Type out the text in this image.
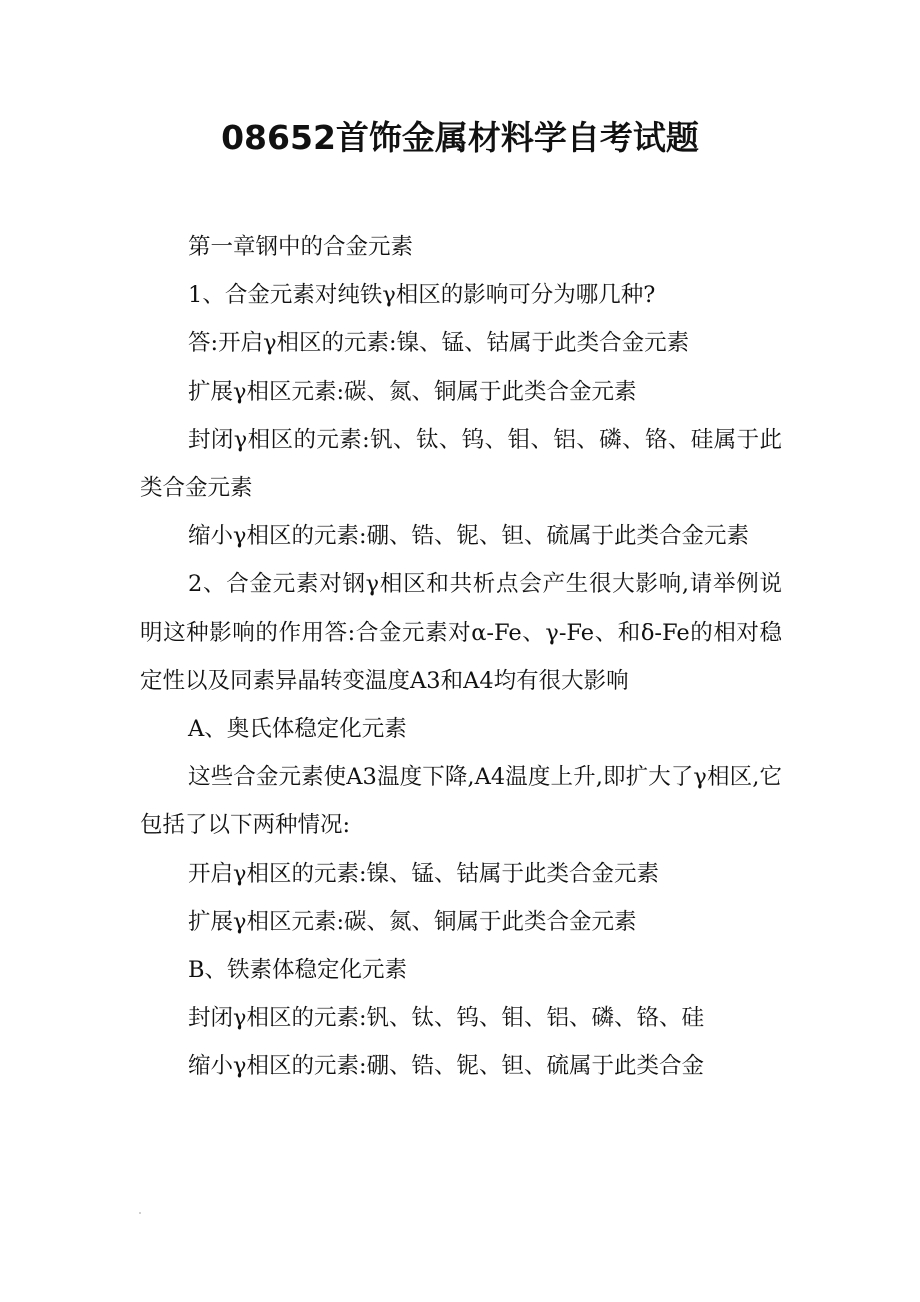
08652首饰金属材料学自考试题

第一章钢中的合金元素

1、合金元素对纯铁γ相区的影响可分为哪几种?

答:开启γ相区的元素:镍、锰、钴属于此类合金元素

扩展γ相区元素:碳、氮、铜属于此类合金元素

封闭γ相区的元素:钒、钛、钨、钼、铝、磷、铬、硅属于此类合金元素

缩小γ相区的元素:硼、锆、铌、钽、硫属于此类合金元素

2、合金元素对钢γ相区和共析点会产生很大影响,请举例说明这种影响的作用答:合金元素对α-Fe、γ-Fe、和δ-Fe的相对稳定性以及同素异晶转变温度A3和A4均有很大影响

A、奥氏体稳定化元素

这些合金元素使A3温度下降,A4温度上升,即扩大了γ相区,它包括了以下两种情况:

开启γ相区的元素:镍、锰、钴属于此类合金元素

扩展γ相区元素:碳、氮、铜属于此类合金元素

B、铁素体稳定化元素

封闭γ相区的元素:钒、钛、钨、钼、铝、磷、铬、硅

缩小γ相区的元素:硼、锆、铌、钽、硫属于此类合金
